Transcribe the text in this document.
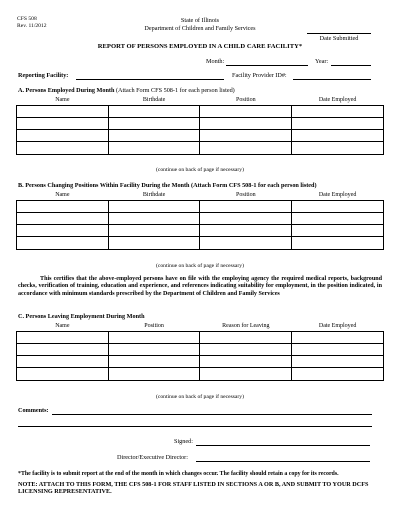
CFS 508
Rev. 11/2012
State of Illinois
Department of Children and Family Services
Date Submitted
REPORT OF PERSONS EMPLOYED IN A CHILD CARE FACILITY*
Month:	Year:
Reporting Facility:	Facility Provider ID#:
A. Persons Employed During Month (Attach Form CFS 508-1 for each person listed)
Name	Birthdate	Position	Date Employed

(continue on back of page if necessary)
B. Persons Changing Positions Within Facility During the Month (Attach Form CFS 508-1 for each person listed)
Name	Birthdate	Position	Date Employed

(continue on back of page if necessary)
This certifies that the above-employed persons have on file with the employing agency the required medical reports, background checks, verification of training, education and experience, and references indicating suitability for employment, in the position indicated, in accordance with minimum standards prescribed by the Department of Children and Family Services
C. Persons Leaving Employment During Month
Name	Position	Reason for Leaving	Date Employed

(continue on back of page if necessary)
Comments:
Signed:
Director/Executive Director:
*The facility is to submit report at the end of the month in which changes occur. The facility should retain a copy for its records.
NOTE: ATTACH TO THIS FORM, THE CFS 508-1 FOR STAFF LISTED IN SECTIONS A OR B, AND SUBMIT TO YOUR DCFS LICENSING REPRESENTATIVE.
